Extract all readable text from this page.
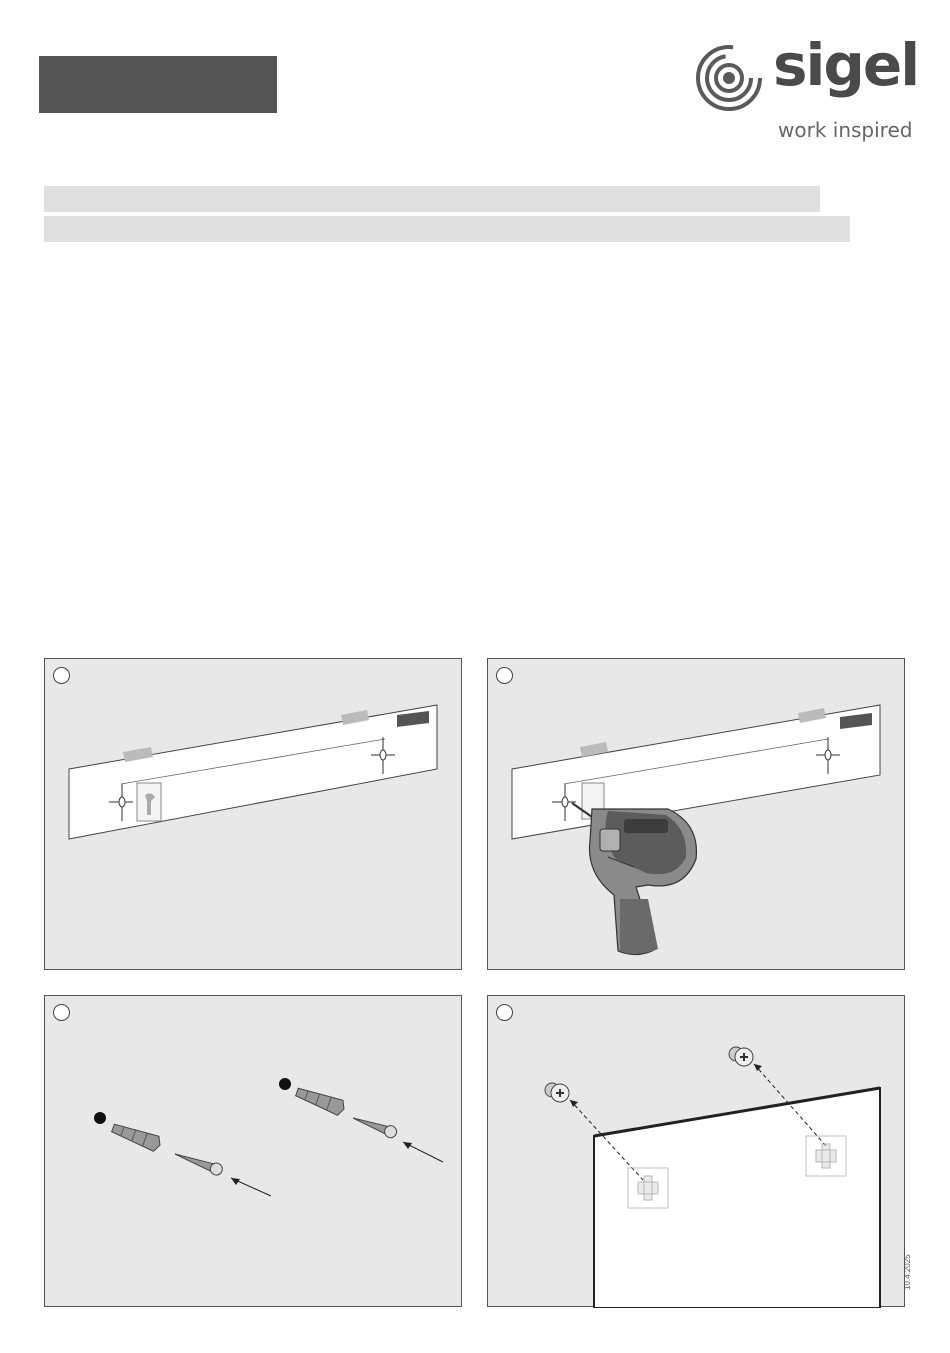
sigel
work inspired
10.4.2025
